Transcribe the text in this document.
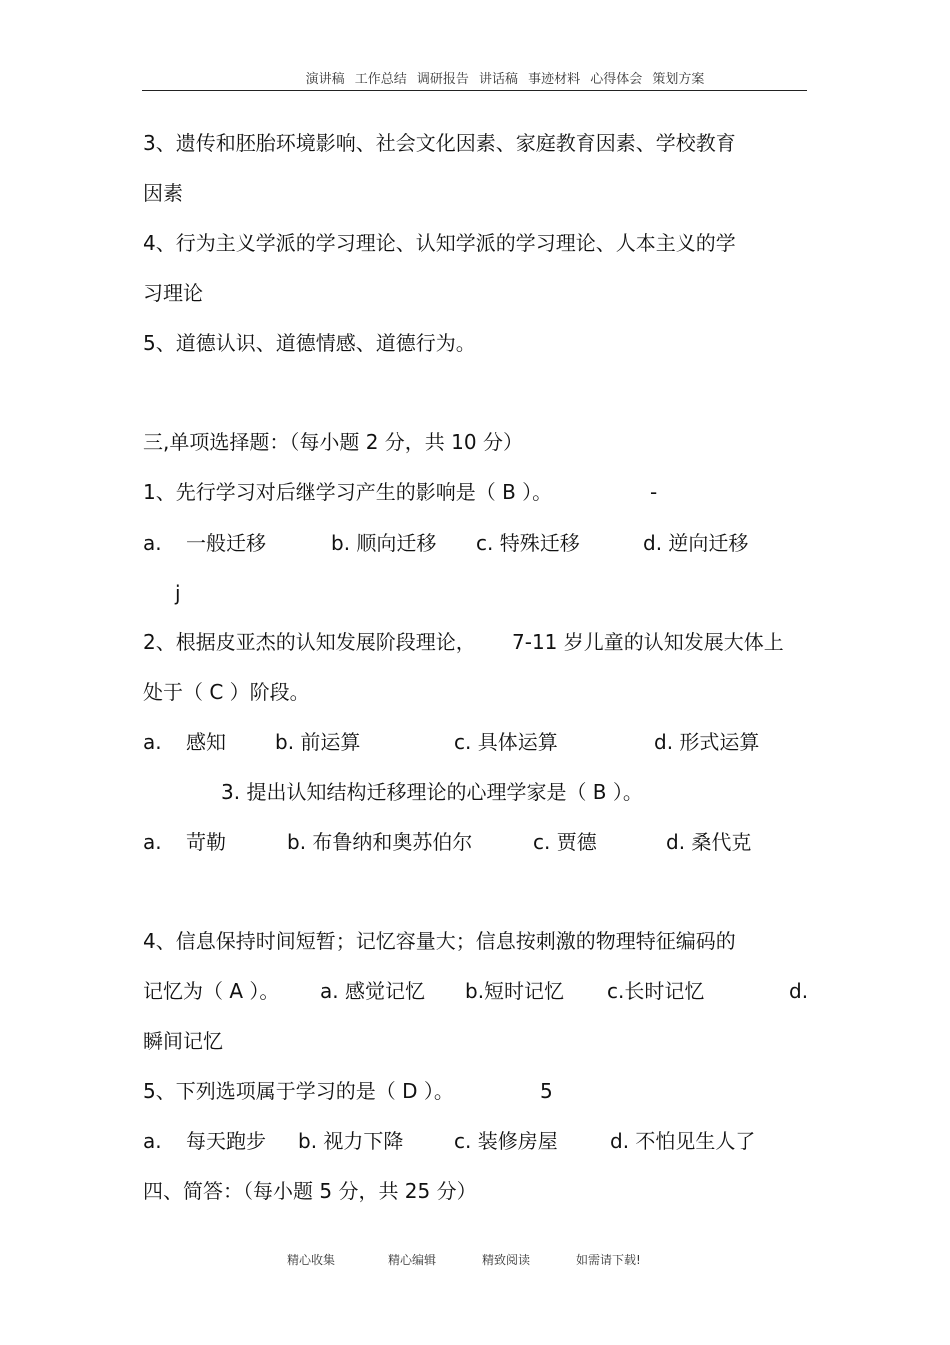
演讲稿 工作总结 调研报告 讲话稿 事迹材料 心得体会 策划方案
3、遗传和胚胎环境影响、社会文化因素、家庭教育因素、学校教育
因素
4、行为主义学派的学习理论、认知学派的学习理论、人本主义的学
习理论
5、道德认识、道德情感、道德行为。
三,单项选择题：（每小题 2 分，共 10 分）
1、先行学习对后继学习产生的影响是（ B ）。	-
a. 一般迁移	b. 顺向迁移 c. 特殊迁移	d. 逆向迁移
j
2、根据皮亚杰的认知发展阶段理论， 7-11 岁儿童的认知发展大体上
处于（ C ）阶段。
a. 感知 b. 前运算	c. 具体运算	d. 形式运算
3. 提出认知结构迁移理论的心理学家是（ B ）。
a. 苛勒	b. 布鲁纳和奥苏伯尔	c. 贾德	d. 桑代克
4、信息保持时间短暂；记忆容量大；信息按刺激的物理特征编码的
记忆为（ A ）。 a. 感觉记忆 b.短时记忆 c.长时记忆	d.
瞬间记忆
5、下列选项属于学习的是（ D ）。	5
a. 每天跑步 b. 视力下降	c. 装修房屋	d. 不怕见生人了
四、简答：（每小题 5 分，共 25 分）
精心收集	精心编辑	精致阅读	如需请下载!
